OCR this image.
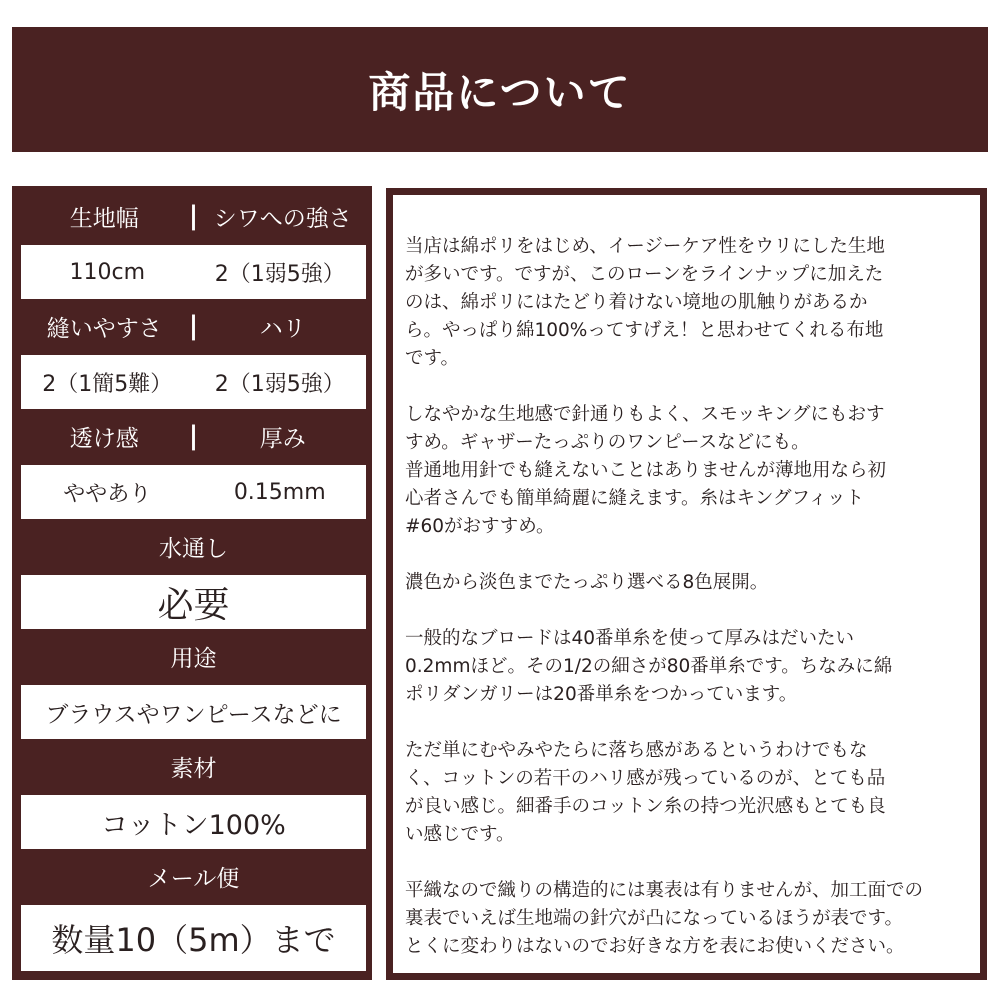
商品について
生地幅	| シワへの強さ
110cm	2（1弱5強）
縫いやすさ	|	ハリ
2（1簡5難）	2（1弱5強）
透け感	|	厚み
ややあり	0.15mm
水通し
必要
用途
ブラウスやワンピースなどに
素材
コットン100%
メール便
数量10（5m）まで

当店は綿ポリをはじめ、イージーケア性をウリにした生地
が多いです。ですが、このローンをラインナップに加えた
のは、綿ポリにはたどり着けない境地の肌触りがあるか
ら。やっぱり綿100%ってすげえ！と思わせてくれる布地
です。

しなやかな生地感で針通りもよく、スモッキングにもおす
すめ。ギャザーたっぷりのワンピースなどにも。
普通地用針でも縫えないことはありませんが薄地用なら初
心者さんでも簡単綺麗に縫えます。糸はキングフィット
#60がおすすめ。

濃色から淡色までたっぷり選べる8色展開。

一般的なブロードは40番単糸を使って厚みはだいたい
0.2mmほど。その1/2の細さが80番単糸です。ちなみに綿
ポリダンガリーは20番単糸をつかっています。

ただ単にむやみやたらに落ち感があるというわけでもな
く、コットンの若干のハリ感が残っているのが、とても品
が良い感じ。細番手のコットン糸の持つ光沢感もとても良
い感じです。

平織なので織りの構造的には裏表は有りませんが、加工面での
裏表でいえば生地端の針穴が凸になっているほうが表です。
とくに変わりはないのでお好きな方を表にお使いください。
